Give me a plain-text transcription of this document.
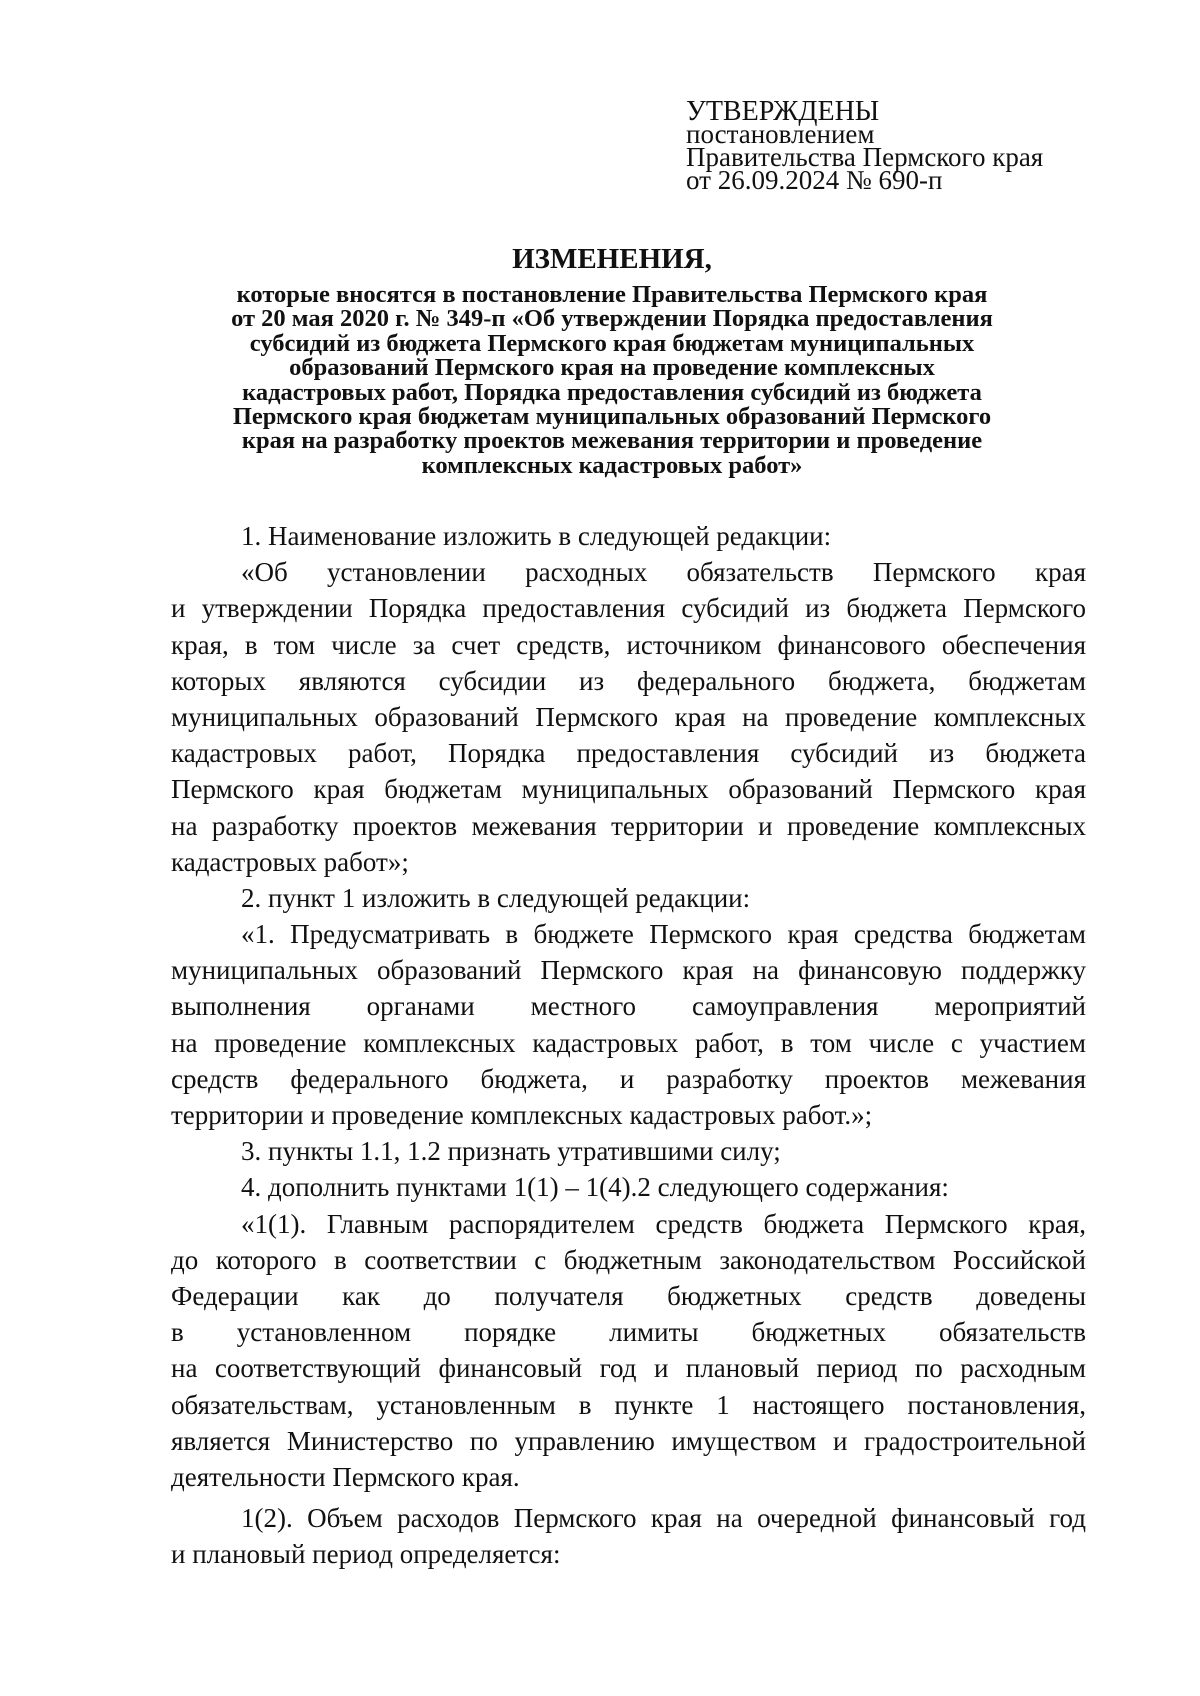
УТВЕРЖДЕНЫ
постановлением
Правительства Пермского края
от 26.09.2024 № 690-п
ИЗМЕНЕНИЯ,
которые вносятся в постановление Правительства Пермского края
от 20 мая 2020 г. № 349-п «Об утверждении Порядка предоставления
субсидий из бюджета Пермского края бюджетам муниципальных
образований Пермского края на проведение комплексных
кадастровых работ, Порядка предоставления субсидий из бюджета
Пермского края бюджетам муниципальных образований Пермского
края на разработку проектов межевания территории и проведение
комплексных кадастровых работ»
1. Наименование изложить в следующей редакции:
«Об установлении расходных обязательств Пермского края
и утверждении Порядка предоставления субсидий из бюджета Пермского
края, в том числе за счет средств, источником финансового обеспечения
которых являются субсидии из федерального бюджета, бюджетам
муниципальных образований Пермского края на проведение комплексных
кадастровых работ, Порядка предоставления субсидий из бюджета
Пермского края бюджетам муниципальных образований Пермского края
на разработку проектов межевания территории и проведение комплексных
кадастровых работ»;
2. пункт 1 изложить в следующей редакции:
«1. Предусматривать в бюджете Пермского края средства бюджетам
муниципальных образований Пермского края на финансовую поддержку
выполнения органами местного самоуправления мероприятий
на проведение комплексных кадастровых работ, в том числе с участием
средств федерального бюджета, и разработку проектов межевания
территории и проведение комплексных кадастровых работ.»;
3. пункты 1.1, 1.2 признать утратившими силу;
4. дополнить пунктами 1(1) – 1(4).2 следующего содержания:
«1(1). Главным распорядителем средств бюджета Пермского края,
до которого в соответствии с бюджетным законодательством Российской
Федерации как до получателя бюджетных средств доведены
в установленном порядке лимиты бюджетных обязательств
на соответствующий финансовый год и плановый период по расходным
обязательствам, установленным в пункте 1 настоящего постановления,
является Министерство по управлению имуществом и градостроительной
деятельности Пермского края.
1(2). Объем расходов Пермского края на очередной финансовый год
и плановый период определяется:
